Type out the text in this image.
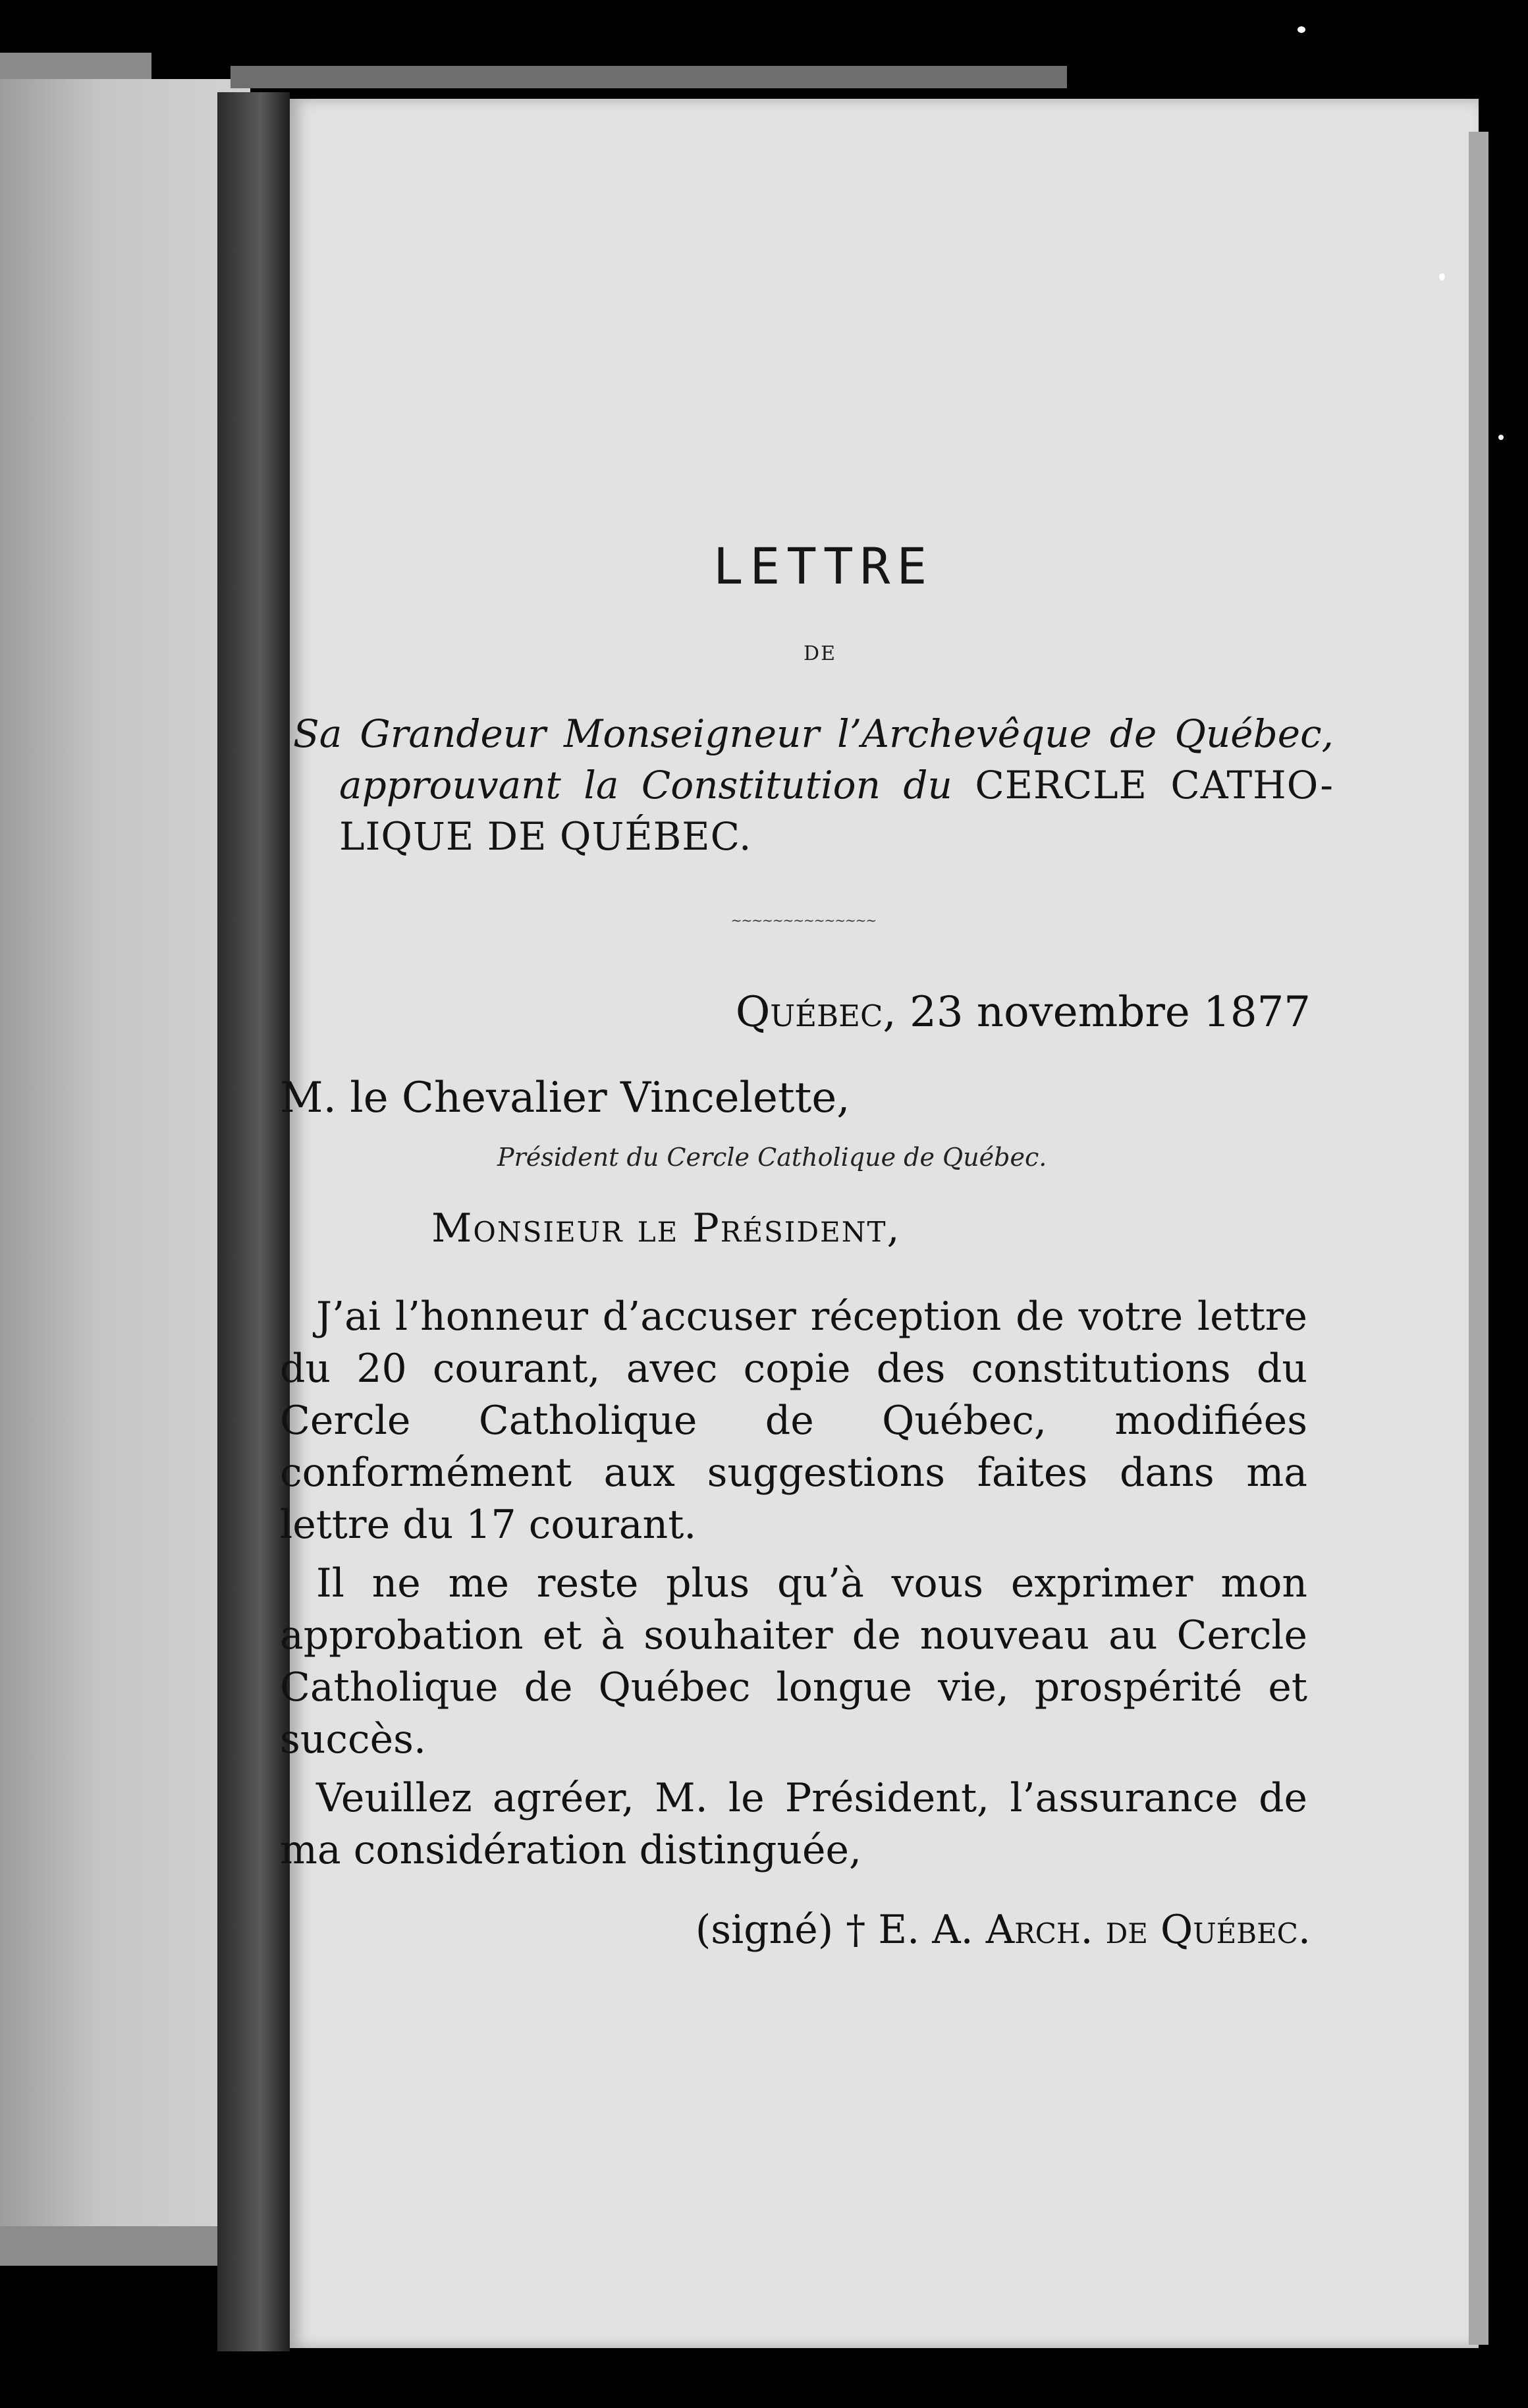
LETTRE
DE
Sa Grandeur Monseigneur l’Archevêque de Québec,
approuvant la Constitution du CERCLE CATHO-
LIQUE DE QUÉBEC.
~~~~~~~~~~~~~~
Québec, 23 novembre 1877
M. le Chevalier Vincelette,
Président du Cercle Catholique de Québec.
Monsieur le Président,

J’ai l’honneur d’accuser réception de votre lettre du 20 courant, avec copie des constitutions du Cercle Catholique de Québec, modifiées conformément aux suggestions faites dans ma lettre du 17 courant.

Il ne me reste plus qu’à vous exprimer mon approbation et à souhaiter de nouveau au Cercle Catholique de Québec longue vie, prospérité et succès.

Veuillez agréer, M. le Président, l’assurance de ma considération distinguée,

(signé) † E. A. Arch. de Québec.
